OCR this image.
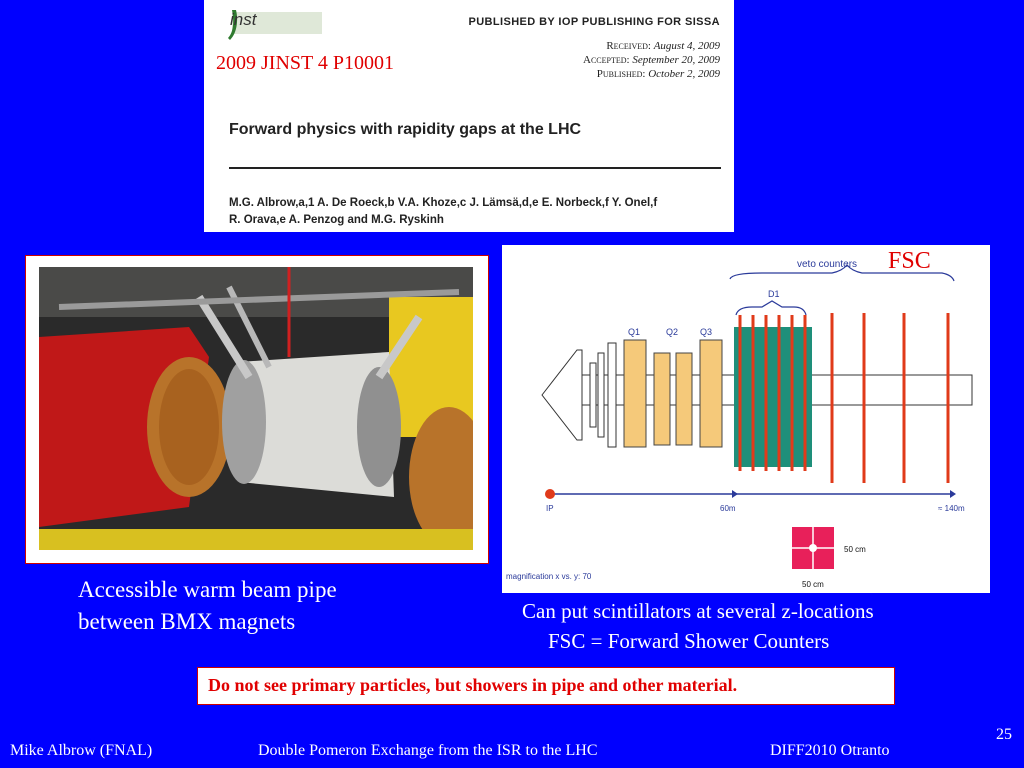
inst
2009 JINST 4 P10001
PUBLISHED BY IOP PUBLISHING FOR SISSA
Received: August 4, 2009
Accepted: September 20, 2009
Published: October 2, 2009
Forward physics with rapidity gaps at the LHC
M.G. Albrow,a,1 A. De Roeck,b V.A. Khoze,c J. Lämsä,d,e E. Norbeck,f Y. Onel,f
R. Orava,e A. Penzog and M.G. Ryskinh
veto counters
D1
Q1	Q2 Q3
IP	60m	≈ 140m
50 cm
50 cm
magnification x vs. y: 70
FSC
Accessible warm beam pipe
between BMX magnets	Can put scintillators at several z-locations
FSC = Forward Shower Counters
Do not see primary particles, but showers in pipe and other material.
25
Mike Albrow (FNAL)	Double Pomeron Exchange from the ISR to the LHC	DIFF2010 Otranto
